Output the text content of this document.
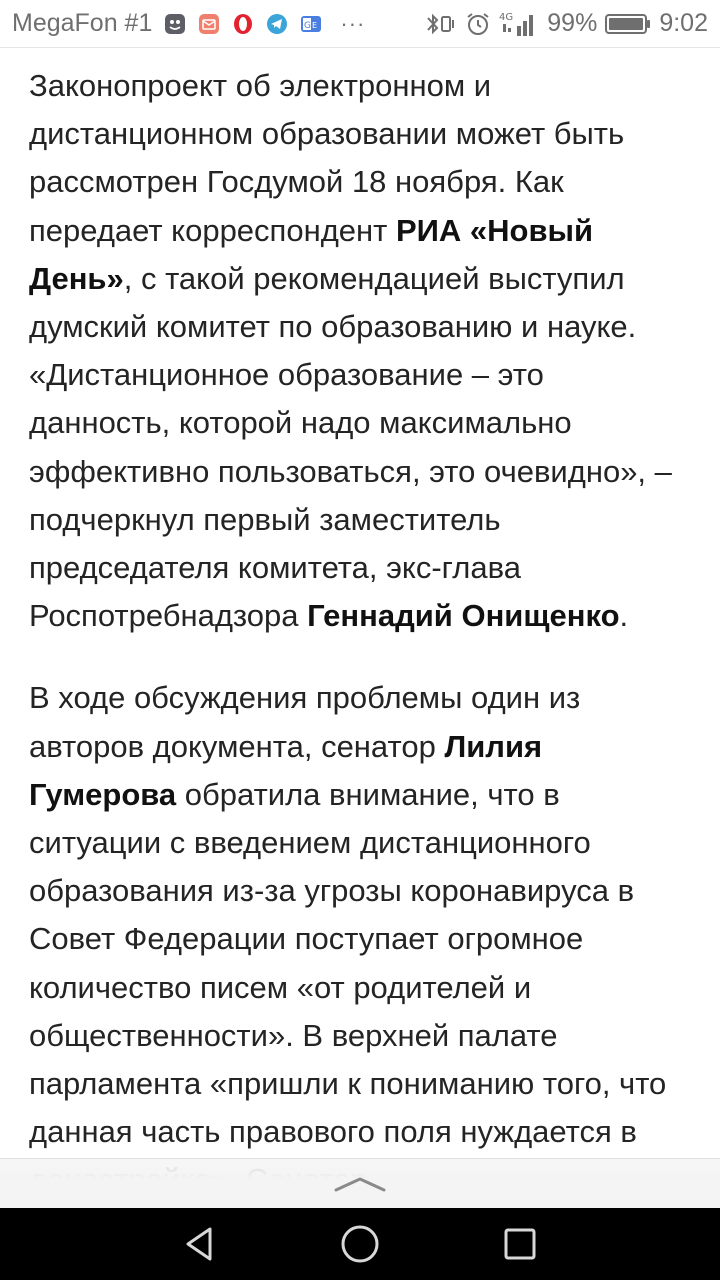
MegaFon #1	G E ···	4G 99% 9:02

Законопроект об электронном и дистанционном образовании может быть рассмотрен Госдумой 18 ноября. Как передает корреспондент РИА «Новый День», с такой рекомендацией выступил думский комитет по образованию и науке. «Дистанционное образование – это данность, которой надо максимально эффективно пользоваться, это очевидно», – подчеркнул первый заместитель председателя комитета, экс-глава Роспотребнадзора Геннадий Онищенко.

В ходе обсуждения проблемы один из авторов документа, сенатор Лилия Гумерова обратила внимание, что в ситуации с введением дистанционного образования из-за угрозы коронавируса в Совет Федерации поступает огромное количество писем «от родителей и общественности». В верхней палате парламента «пришли к пониманию того, что данная часть правового поля нуждается в
